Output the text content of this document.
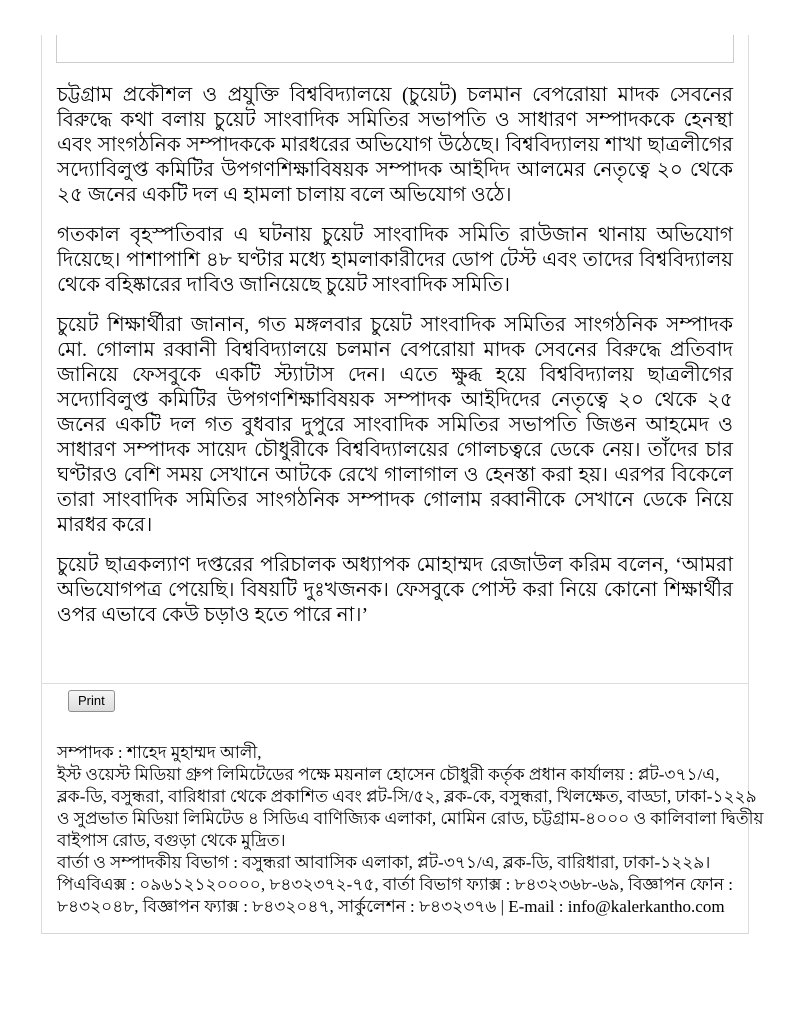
চট্টগ্রাম প্রকৌশল ও প্রযুক্তি বিশ্ববিদ্যালয়ে (চুয়েট) চলমান বেপরোয়া মাদক সেবনের বিরুদ্ধে কথা বলায় চুয়েট সাংবাদিক সমিতির সভাপতি ও সাধারণ সম্পাদককে হেনস্থা এবং সাংগঠনিক সম্পাদককে মারধরের অভিযোগ উঠেছে। বিশ্ববিদ্যালয় শাখা ছাত্রলীগের সদ্যোবিলুপ্ত কমিটির উপগণশিক্ষাবিষয়ক সম্পাদক আইদিদ আলমের নেতৃত্বে ২০ থেকে ২৫ জনের একটি দল এ হামলা চালায় বলে অভিযোগ ওঠে।

গতকাল বৃহস্পতিবার এ ঘটনায় চুয়েট সাংবাদিক সমিতি রাউজান থানায় অভিযোগ দিয়েছে। পাশাপাশি ৪৮ ঘণ্টার মধ্যে হামলাকারীদের ডোপ টেস্ট এবং তাদের বিশ্ববিদ্যালয় থেকে বহিষ্কারের দাবিও জানিয়েছে চুয়েট সাংবাদিক সমিতি।

চুয়েট শিক্ষার্থীরা জানান, গত মঙ্গলবার চুয়েট সাংবাদিক সমিতির সাংগঠনিক সম্পাদক মো. গোলাম রব্বানী বিশ্ববিদ্যালয়ে চলমান বেপরোয়া মাদক সেবনের বিরুদ্ধে প্রতিবাদ জানিয়ে ফেসবুকে একটি স্ট্যাটাস দেন। এতে ক্ষুব্ধ হয়ে বিশ্ববিদ্যালয় ছাত্রলীগের সদ্যোবিলুপ্ত কমিটির উপগণশিক্ষাবিষয়ক সম্পাদক আইদিদের নেতৃত্বে ২০ থেকে ২৫ জনের একটি দল গত বুধবার দুপুরে সাংবাদিক সমিতির সভাপতি জিঙন আহমেদ ও সাধারণ সম্পাদক সায়েদ চৌধুরীকে বিশ্ববিদ্যালয়ের গোলচত্বরে ডেকে নেয়। তাঁদের চার ঘণ্টারও বেশি সময় সেখানে আটকে রেখে গালাগাল ও হেনস্তা করা হয়। এরপর বিকেলে তারা সাংবাদিক সমিতির সাংগঠনিক সম্পাদক গোলাম রব্বানীকে সেখানে ডেকে নিয়ে মারধর করে।

চুয়েট ছাত্রকল্যাণ দপ্তরের পরিচালক অধ্যাপক মোহাম্মদ রেজাউল করিম বলেন, ‘আমরা অভিযোগপত্র পেয়েছি। বিষয়টি দুঃখজনক। ফেসবুকে পোস্ট করা নিয়ে কোনো শিক্ষার্থীর ওপর এভাবে কেউ চড়াও হতে পারে না।’

Print
সম্পাদক : শাহেদ মুহাম্মদ আলী,
ইস্ট ওয়েস্ট মিডিয়া গ্রুপ লিমিটেডের পক্ষে ময়নাল হোসেন চৌধুরী কর্তৃক প্রধান কার্যালয় : প্লট-৩৭১/এ,
ব্লক-ডি, বসুন্ধরা, বারিধারা থেকে প্রকাশিত এবং প্লট-সি/৫২, ব্লক-কে, বসুন্ধরা, খিলক্ষেত, বাড্ডা, ঢাকা-১২২৯
ও সুপ্রভাত মিডিয়া লিমিটেড ৪ সিডিএ বাণিজ্যিক এলাকা, মোমিন রোড, চট্টগ্রাম-৪০০০ ও কালিবালা দ্বিতীয়
বাইপাস রোড, বগুড়া থেকে মুদ্রিত।
বার্তা ও সম্পাদকীয় বিভাগ : বসুন্ধরা আবাসিক এলাকা, প্লট-৩৭১/এ, ব্লক-ডি, বারিধারা, ঢাকা-১২২৯।
পিএবিএক্স : ০৯৬১২১২০০০০, ৮৪৩২৩৭২-৭৫, বার্তা বিভাগ ফ্যাক্স : ৮৪৩২৩৬৮-৬৯, বিজ্ঞাপন ফোন :
৮৪৩২০৪৮, বিজ্ঞাপন ফ্যাক্স : ৮৪৩২০৪৭, সার্কুলেশন : ৮৪৩২৩৭৬ | E-mail : info@kalerkantho.com
